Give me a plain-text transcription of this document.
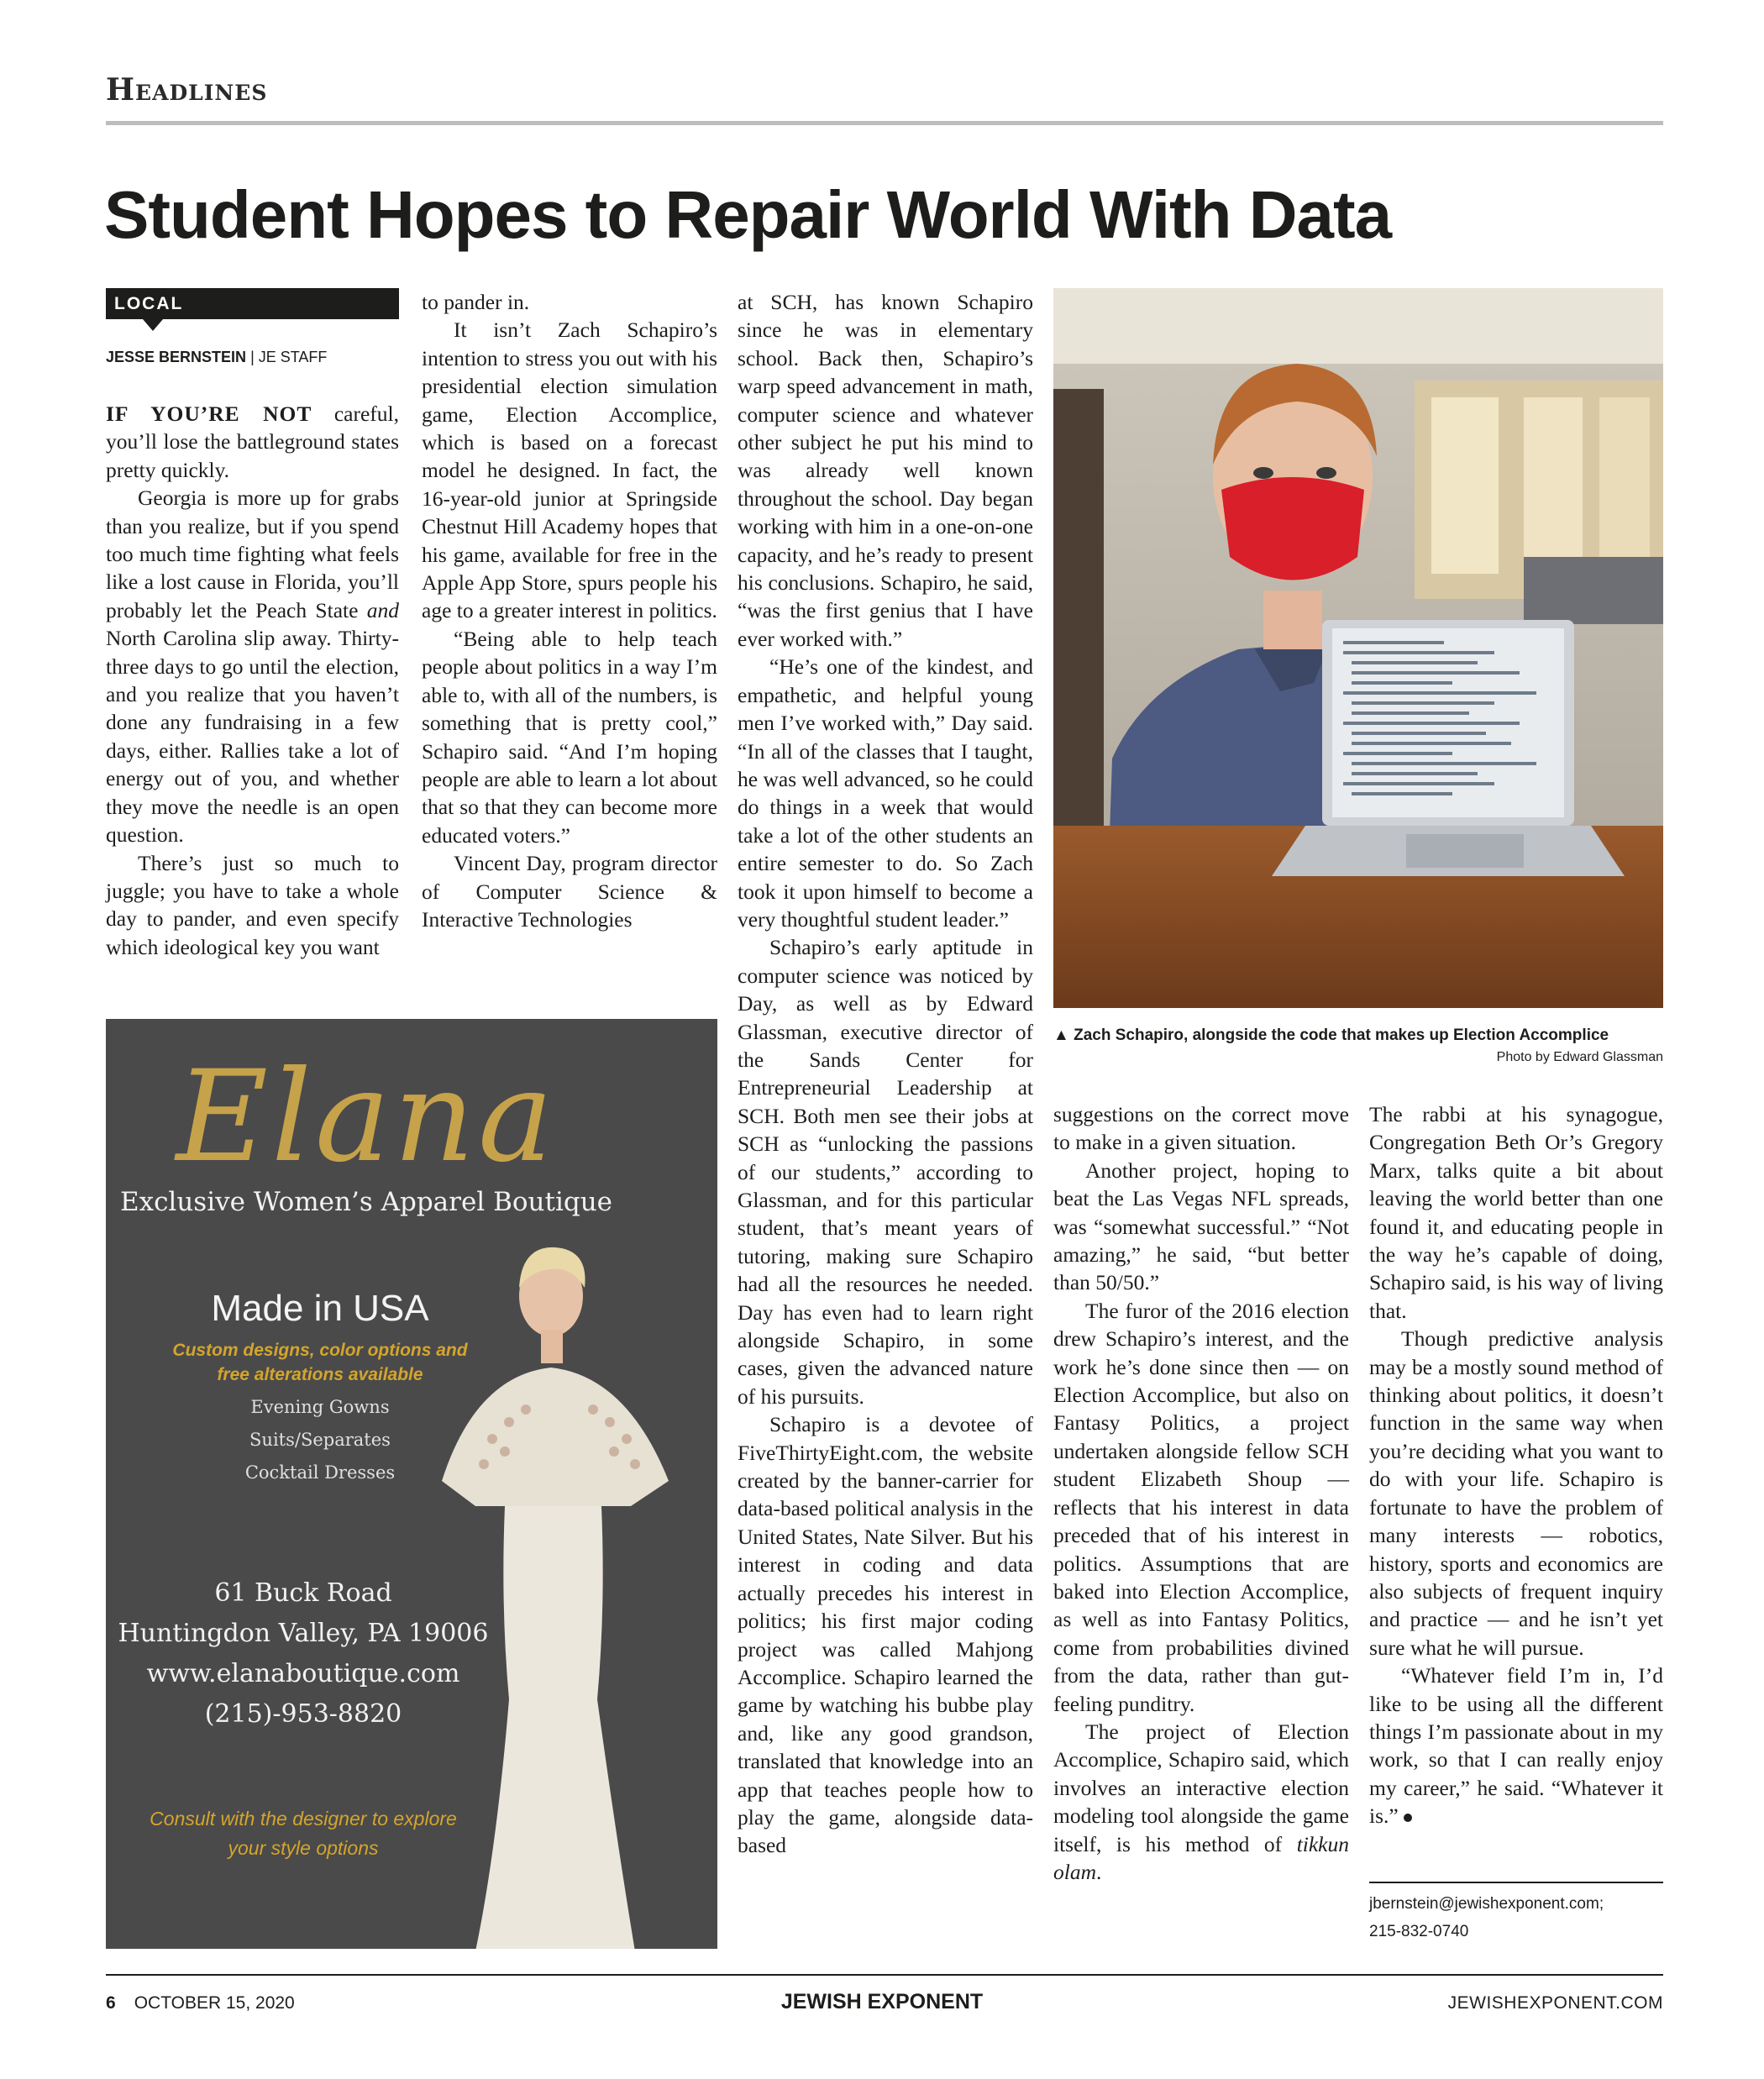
Headlines
Student Hopes to Repair World With Data
LOCAL
JESSE BERNSTEIN | JE STAFF

IF YOU’RE NOT careful, you’ll lose the battleground states pretty quickly.

Georgia is more up for grabs than you realize, but if you spend too much time fighting what feels like a lost cause in Florida, you’ll probably let the Peach State and North Carolina slip away. Thirty-three days to go until the election, and you realize that you haven’t done any fundraising in a few days, either. Rallies take a lot of energy out of you, and whether they move the needle is an open question.

There’s just so much to juggle; you have to take a whole day to pander, and even specify which ideological key you want

to pander in.

It isn’t Zach Schapiro’s intention to stress you out with his presidential election simulation game, Election Accomplice, which is based on a forecast model he designed. In fact, the 16-year-old junior at Springside Chestnut Hill Academy hopes that his game, available for free in the Apple App Store, spurs people his age to a greater interest in politics.

“Being able to help teach people about politics in a way I’m able to, with all of the numbers, is something that is pretty cool,” Schapiro said. “And I’m hoping people are able to learn a lot about that so that they can become more educated voters.”

Vincent Day, program director of Computer Science & Interactive Technologies

at SCH, has known Schapiro since he was in elementary school. Back then, Schapiro’s warp speed advancement in math, computer science and whatever other subject he put his mind to was already well known throughout the school. Day began working with him in a one-on-one capacity, and he’s ready to present his conclusions. Schapiro, he said, “was the first genius that I have ever worked with.”

“He’s one of the kindest, and empathetic, and helpful young men I’ve worked with,” Day said. “In all of the classes that I taught, he was well advanced, so he could do things in a week that would take a lot of the other students an entire semester to do. So Zach took it upon himself to become a very thoughtful student leader.”

Schapiro’s early aptitude in computer science was noticed by Day, as well as by Edward Glassman, executive director of the Sands Center for Entrepreneurial Leadership at SCH. Both men see their jobs at SCH as “unlocking the passions of our students,” according to Glassman, and for this particular student, that’s meant years of tutoring, making sure Schapiro had all the resources he needed. Day has even had to learn right alongside Schapiro, in some cases, given the advanced nature of his pursuits.

Schapiro is a devotee of FiveThirtyEight.com, the website created by the banner-carrier for data-based political analysis in the United States, Nate Silver. But his interest in coding and data actually precedes his interest in politics; his first major coding project was called Mahjong Accomplice. Schapiro learned the game by watching his bubbe play and, like any good grandson, translated that knowledge into an app that teaches people how to play the game, alongside data-based

▲ Zach Schapiro, alongside the code that makes up Election Accomplice
Photo by Edward Glassman

suggestions on the correct move to make in a given situation.

Another project, hoping to beat the Las Vegas NFL spreads, was “somewhat successful.” “Not amazing,” he said, “but better than 50/50.”

The furor of the 2016 election drew Schapiro’s interest, and the work he’s done since then — on Election Accomplice, but also on Fantasy Politics, a project undertaken alongside fellow SCH student Elizabeth Shoup — reflects that his interest in data preceded that of his interest in politics. Assumptions that are baked into Election Accomplice, as well as into Fantasy Politics, come from probabilities divined from the data, rather than gut-feeling punditry.

The project of Election Accomplice, Schapiro said, which involves an interactive election modeling tool alongside the game itself, is his method of tikkun olam.

The rabbi at his synagogue, Congregation Beth Or’s Gregory Marx, talks quite a bit about leaving the world better than one found it, and educating people in the way he’s capable of doing, Schapiro said, is his way of living that.

Though predictive analysis may be a mostly sound method of thinking about politics, it doesn’t function in the same way when you’re deciding what you want to do with your life. Schapiro is fortunate to have the problem of many interests — robotics, history, sports and economics are also subjects of frequent inquiry and practice — and he isn’t yet sure what he will pursue.

“Whatever field I’m in, I’d like to be using all the different things I’m passionate about in my work, so that I can really enjoy my career,” he said. “Whatever it is.”

jbernstein@jewishexponent.com;
215-832-0740
Elana
Exclusive Women’s Apparel Boutique
Made in USA
Custom designs, color options and
free alterations available
Evening Gowns
Suits/Separates
Cocktail Dresses
61 Buck Road
Huntingdon Valley, PA 19006
www.elanaboutique.com
(215)-953-8820
Consult with the designer to explore
your style options
6 OCTOBER 15, 2020	JEWISH EXPONENT	JEWISHEXPONENT.COM
